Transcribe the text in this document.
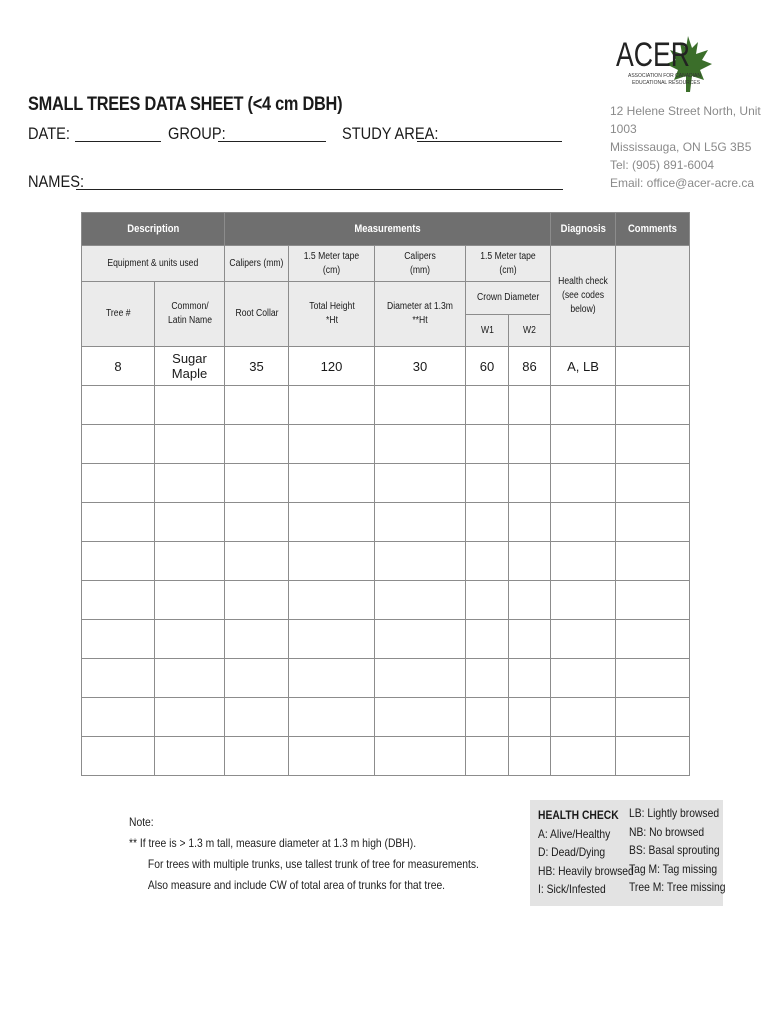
ACER
ASSOCIATION FOR CANADIAN
EDUCATIONAL RESOURCES
SMALL TREES DATA SHEET (<4 cm DBH)
DATE:	GROUP:	STUDY AREA:
NAMES:
12 Helene Street North, Unit
1003
Mississauga, ON L5G 3B5
Tel: (905) 891-6004
Email: office@acer-acre.ca
Description		Measurements					Diagnosis	Comments
Equipment & units used		Calipers (mm)	1.5 Meter tape (cm)	Calipers (mm)	1.5 Meter tape (cm)		Health check (see codes below)	
Tree #	Common/ Latin Name	Root Collar	Total Height *Ht	Diameter at 1.3m **Ht	Crown Diameter			
					W1	W2		
8	Sugar Maple	35	120	30	60	86	A, LB	

Note:
** If tree is > 1.3 m tall, measure diameter at 1.3 m high (DBH).
For trees with multiple trunks, use tallest trunk of tree for measurements.
Also measure and include CW of total area of trunks for that tree.
HEALTH CHECK
A: Alive/Healthy
D: Dead/Dying
HB: Heavily browsed
I: Sick/Infested
LB: Lightly browsed
NB: No browsed
BS: Basal sprouting
Tag M: Tag missing
Tree M: Tree missing
